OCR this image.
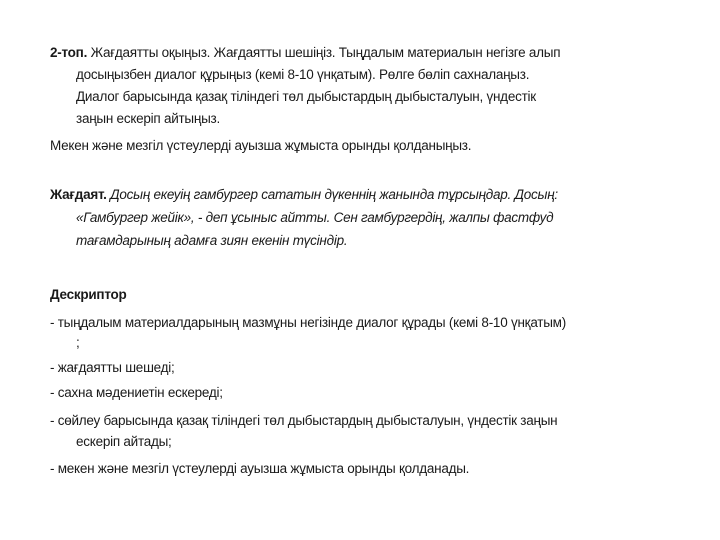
2-топ. Жағдаятты оқыңыз. Жағдаятты шешіңіз. Тыңдалым материалын негізге алып
досыңызбен диалог құрыңыз (кемі 8-10 үнқатым). Рөлге бөліп сахналаңыз.
Диалог барысында қазақ тіліндегі төл дыбыстардың дыбысталуын, үндестік
заңын ескеріп айтыңыз.
Мекен және мезгіл үстеулерді ауызша жұмыста орынды қолданыңыз.
Жағдаят. Досың екеуің гамбургер сататын дүкеннің жанында тұрсыңдар. Досың:
«Гамбургер жейік», - деп ұсыныс айтты. Сен гамбургердің, жалпы фастфуд
тағамдарының адамға зиян екенін түсіндір.
Дескриптор
- тыңдалым материалдарының мазмұны негізінде диалог құрады (кемі 8-10 үнқатым)
;
- жағдаятты шешеді;
- сахна мәдениетін ескереді;
- сөйлеу барысында қазақ тіліндегі төл дыбыстардың дыбысталуын, үндестік заңын
ескеріп айтады;
- мекен және мезгіл үстеулерді ауызша жұмыста орынды қолданады.
